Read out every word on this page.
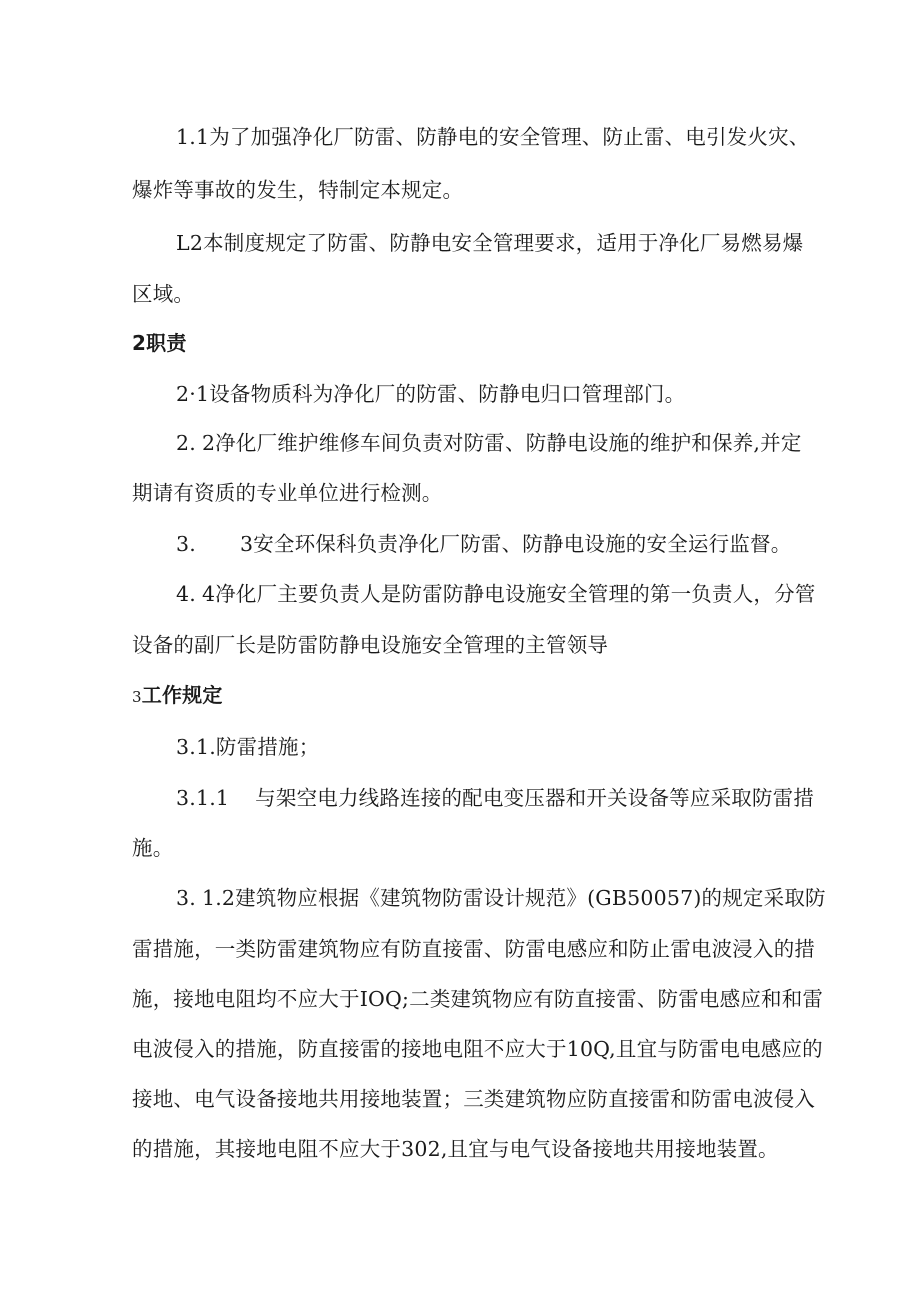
1.1为了加强净化厂防雷、防静电的安全管理、防止雷、电引发火灾、
爆炸等事故的发生，特制定本规定。
L2本制度规定了防雷、防静电安全管理要求，适用于净化厂易燃易爆
区域。
2职责
2·1设备物质科为净化厂的防雷、防静电归口管理部门。
2. 2净化厂维护维修车间负责对防雷、防静电设施的维护和保养,并定
期请有资质的专业单位进行检测。
3. 3安全环保科负责净化厂防雷、防静电设施的安全运行监督。
4. 4净化厂主要负责人是防雷防静电设施安全管理的第一负责人，分管
设备的副厂长是防雷防静电设施安全管理的主管领导
3工作规定
3.1.防雷措施；
3.1.1 与架空电力线路连接的配电变压器和开关设备等应采取防雷措
施。
3. 1.2建筑物应根据《建筑物防雷设计规范》(GB50057)的规定采取防
雷措施，一类防雷建筑物应有防直接雷、防雷电感应和防止雷电波浸入的措
施，接地电阻均不应大于IOQ;二类建筑物应有防直接雷、防雷电感应和和雷
电波侵入的措施，防直接雷的接地电阻不应大于10Q,且宜与防雷电电感应的
接地、电气设备接地共用接地装置；三类建筑物应防直接雷和防雷电波侵入
的措施，其接地电阻不应大于302,且宜与电气设备接地共用接地装置。
